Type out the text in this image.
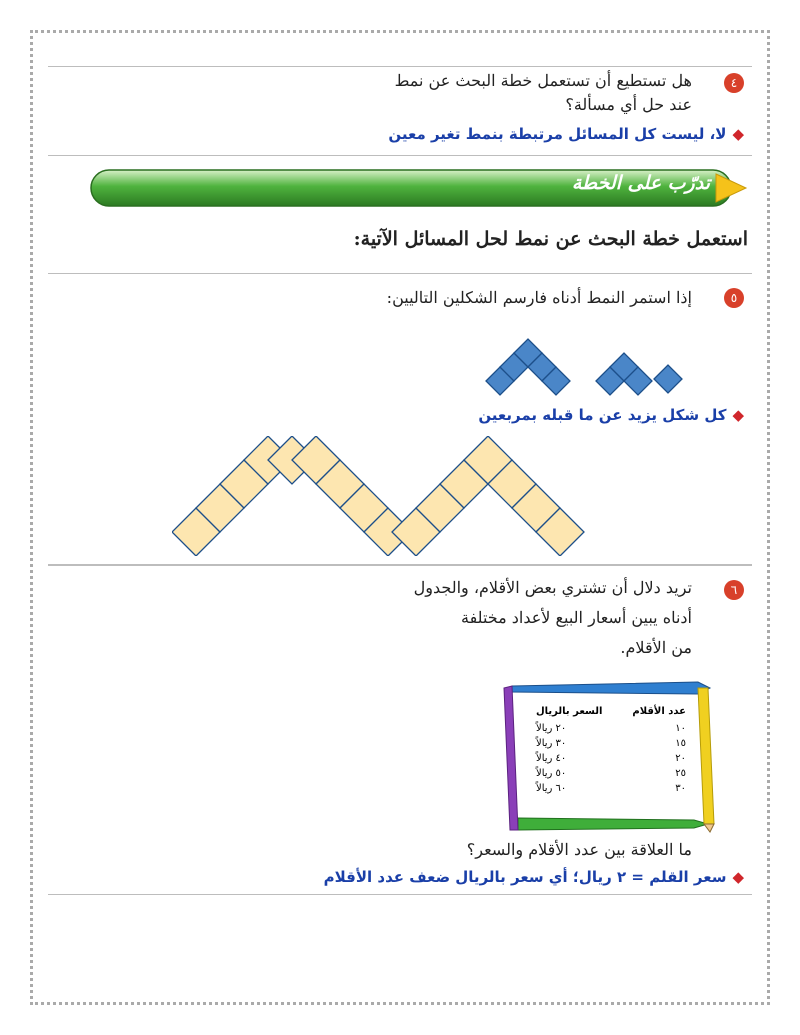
٤
هل تستطيع أن تستعمل خطة البحث عن نمط
عند حل أي مسألة؟
◆لا، ليست كل المسائل مرتبطة بنمط تغير معين
تدرّب على الخطة
استعمل خطة البحث عن نمط لحل المسائل الآتية:
٥
إذا استمر النمط أدناه فارسم الشكلين التاليين:
◆كل شكل يزيد عن ما قبله بمربعين
٦
تريد دلال أن تشتري بعض الأقلام، والجدول
أدناه يبين أسعار البيع لأعداد مختلفة
من الأقلام.
عدد الأقلام
السعر بالريال
١٠
٢٠ ريالاً
١٥
٣٠ ريالاً
٢٠
٤٠ ريالاً
٢٥
٥٠ ريالاً
٣٠
٦٠ ريالاً
ما العلاقة بين عدد الأقلام والسعر؟
◆سعر القلم = ٢ ريال؛ أي سعر بالريال ضعف عدد الأقلام
